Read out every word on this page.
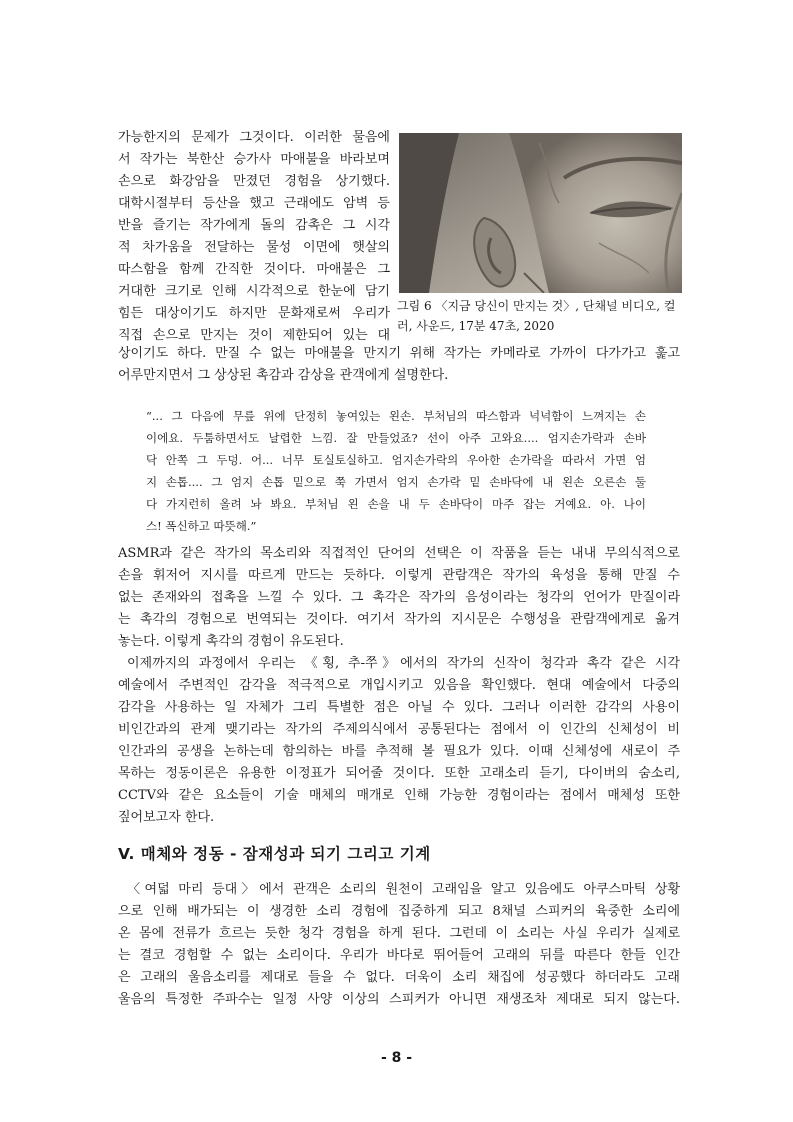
가능한지의 문제가 그것이다. 이러한 물음에
서 작가는 북한산 승가사 마애불을 바라보며
손으로 화강암을 만졌던 경험을 상기했다.
대학시절부터 등산을 했고 근래에도 암벽 등
반을 즐기는 작가에게 돌의 감촉은 그 시각
적 차가움을 전달하는 물성 이면에 햇살의
따스함을 함께 간직한 것이다. 마애불은 그
거대한 크기로 인해 시각적으로 한눈에 담기
힘든 대상이기도 하지만 문화재로써 우리가
직접 손으로 만지는 것이 제한되어 있는 대
그림 6 〈지금 당신이 만지는 것〉, 단채널 비디오, 컬
러, 사운드, 17분 47초, 2020
상이기도 하다. 만질 수 없는 마애불을 만지기 위해 작가는 카메라로 가까이 다가가고 훑고
어루만지면서 그 상상된 촉감과 감상을 관객에게 설명한다.
“... 그 다음에 무릎 위에 단정히 놓여있는 왼손. 부처님의 따스함과 넉넉함이 느껴지는 손
이에요. 두툼하면서도 날렵한 느낌. 잘 만들었죠? 선이 아주 고와요.... 엄지손가락과 손바
닥 안쪽 그 두덩. 어... 너무 토실토실하고. 엄지손가락의 우아한 손가락을 따라서 가면 엄
지 손톱.... 그 엄지 손톱 밑으로 쭉 가면서 엄지 손가락 밑 손바닥에 내 왼손 오른손 둘
다 가지런히 올려 놔 봐요. 부처님 왼 손을 내 두 손바닥이 마주 잡는 거예요. 아. 나이
스! 폭신하고 따뜻해.”
ASMR과 같은 작가의 목소리와 직접적인 단어의 선택은 이 작품을 듣는 내내 무의식적으로
손을 휘저어 지시를 따르게 만드는 듯하다. 이렇게 관람객은 작가의 육성을 통해 만질 수
없는 존재와의 접촉을 느낄 수 있다. 그 촉각은 작가의 음성이라는 청각의 언어가 만질이라
는 촉각의 경험으로 번역되는 것이다. 여기서 작가의 지시문은 수행성을 관람객에게로 옮겨
놓는다. 이렇게 촉각의 경험이 유도된다.
이제까지의 과정에서 우리는 《횡, 추-쭈》에서의 작가의 신작이 청각과 촉각 같은 시각
예술에서 주변적인 감각을 적극적으로 개입시키고 있음을 확인했다. 현대 예술에서 다중의
감각을 사용하는 일 자체가 그리 특별한 점은 아닐 수 있다. 그러나 이러한 감각의 사용이
비인간과의 관계 맺기라는 작가의 주제의식에서 공통된다는 점에서 이 인간의 신체성이 비
인간과의 공생을 논하는데 함의하는 바를 추적해 볼 필요가 있다. 이때 신체성에 새로이 주
목하는 정동이론은 유용한 이정표가 되어줄 것이다. 또한 고래소리 듣기, 다이버의 숨소리,
CCTV와 같은 요소들이 기술 매체의 매개로 인해 가능한 경험이라는 점에서 매체성 또한
짚어보고자 한다.
V. 매체와 정동 - 잠재성과 되기 그리고 기계
〈여덟 마리 등대〉에서 관객은 소리의 원천이 고래임을 알고 있음에도 아쿠스마틱 상황
으로 인해 배가되는 이 생경한 소리 경험에 집중하게 되고 8채널 스피커의 육중한 소리에
온 몸에 전류가 흐르는 듯한 청각 경험을 하게 된다. 그런데 이 소리는 사실 우리가 실제로
는 결코 경험할 수 없는 소리이다. 우리가 바다로 뛰어들어 고래의 뒤를 따른다 한들 인간
은 고래의 울음소리를 제대로 들을 수 없다. 더욱이 소리 채집에 성공했다 하더라도 고래
울음의 특정한 주파수는 일정 사양 이상의 스피커가 아니면 재생조차 제대로 되지 않는다.
- 8 -
